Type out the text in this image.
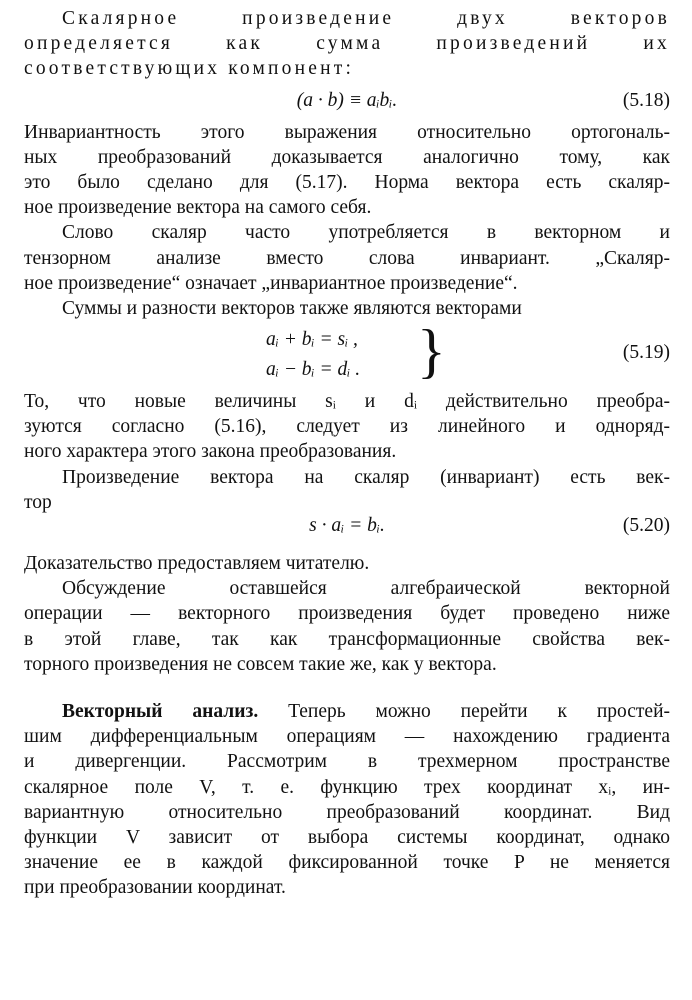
Скалярное произведение двух векторов
определяется как сумма произведений их
соответствующих компонент:
(a · b) ≡ aᵢbᵢ.	(5.18)
Инвариантность этого выражения относительно ортогональ-
ных преобразований доказывается аналогично тому, как
это было сделано для (5.17). Норма вектора есть скаляр-
ное произведение вектора на самого себя.
Слово скаляр часто употребляется в векторном и
тензорном анализе вместо слова инвариант. „Скаляр-
ное произведение“ означает „инвариантное произведение“.
Суммы и разности векторов также являются векторами
aᵢ + bᵢ = sᵢ ,
aᵢ − bᵢ = dᵢ . }	(5.19)
То, что новые величины sᵢ и dᵢ действительно преобра-
зуются согласно (5.16), следует из линейного и однoряд-
ного характера этого закона преобразования.
Произведение вектора на скаляр (инвариант) есть век-
тор
s · aᵢ = bᵢ.	(5.20)
Доказательство предоставляем читателю.
Обсуждение оставшейся алгебраической векторной
операции — векторного произведения будет проведено ниже
в этой главе, так как трансформационные свойства век-
торного произведения не совсем такие же, как у вектора.
Векторный анализ. Теперь можно перейти к простей-
шим дифференциальным операциям — нахождению градиента
и дивергенции. Рассмотрим в трехмерном пространстве
скалярное поле V, т. е. функцию трех координат xᵢ, ин-
вариантную относительно преобразований координат. Вид
функции V зависит от выбора системы координат, однако
значение ее в каждой фиксированной точке P не меняется
при преобразовании координат.
